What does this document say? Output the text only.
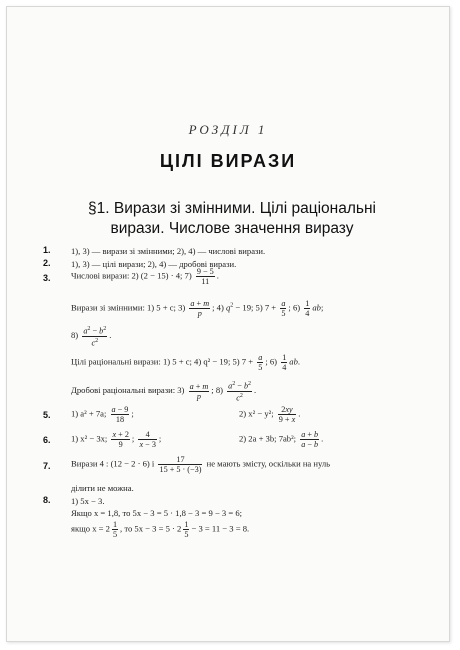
РОЗДІЛ 1
ЦІЛІ ВИРАЗИ
§1. Вирази зі змінними. Цілі раціональні
вирази. Числове значення виразу
1.
2.
3.
5.
6.
7.
8.
1), 3) — вирази зі змінними; 2), 4) — числові вирази.
1), 3) — цілі вирази; 2), 4) — дробові вирази.
Числові вирази: 2) (2 − 15) · 4; $7) \frac{9 - 5}{11}$ .
Вирази зі змінними: 1) 5 + c; $3) \frac{a + m}{p}$ ; 4) $q^2 - 19$; 5) $7 + \frac{a}{5}$ ; $6) \frac{1}{4}$ ab;
$8) \frac{a^2 - b^2}{c^2}$ .
Цілі раціональні вирази: 1) 5 + c; 4) q² − 19; 5) $7 + \frac{a}{5}$ ; $6) \frac{1}{4}$ ab.
Дробові раціональні вирази: $3) \frac{a + m}{p}$ ; $8) \frac{a^2 - b^2}{c^2}$ .
1) a² + 7a; $\frac{a - 9}{18}$ ;	2) x² − y²; $\frac{2xy}{9 + x}$ .
1) x² − 3x; $\frac{x + 2}{9}$ ; $\frac{4}{x - 3}$ ;	2) 2a + 3b; 7ab²; $\frac{a + b}{a - b}$ .
Вирази 4 : (12 − 2 · 6) і $\frac{17}{15 + 5 \cdot (-3)}$ не мають змісту, оскільки на нуль
ділити не можна.
1) 5x − 3.
Якщо x = 1,8, то 5x − 3 = 5 · 1,8 − 3 = 9 − 3 = 6;
якщо $x = 2 \frac{1}{5}$ , то $5x - 3 = 5 \cdot 2 \frac{1}{5} - 3 = 11 - 3 = 8$.
